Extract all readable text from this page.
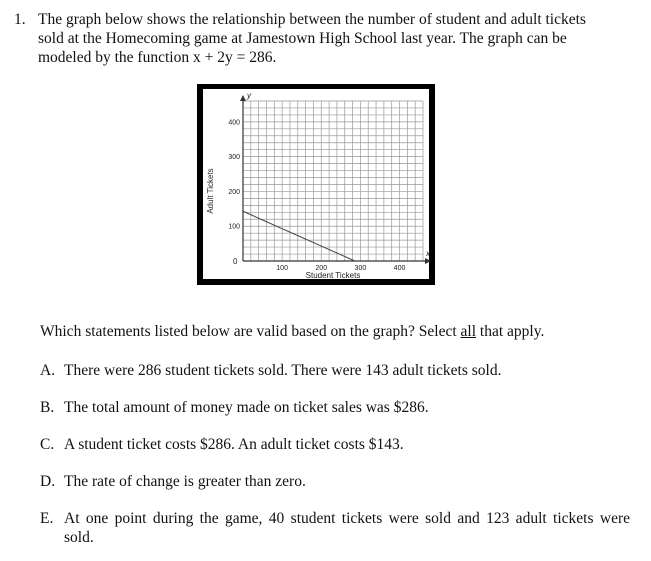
1. The graph below shows the relationship between the number of student and adult tickets
sold at the Homecoming game at Jamestown High School last year. The graph can be
modeled by the function x + 2y = 286.
100	200	300	400
100
200
300
400
Adult Tickets
Student Tickets
x
y
0
Which statements listed below are valid based on the graph? Select all that apply.
A. There were 286 student tickets sold. There were 143 adult tickets sold.
B. The total amount of money made on ticket sales was $286.
C. A student ticket costs $286. An adult ticket costs $143.
D. The rate of change is greater than zero.
E. At one point during the game, 40 student tickets were sold and 123 adult tickets were
sold.
